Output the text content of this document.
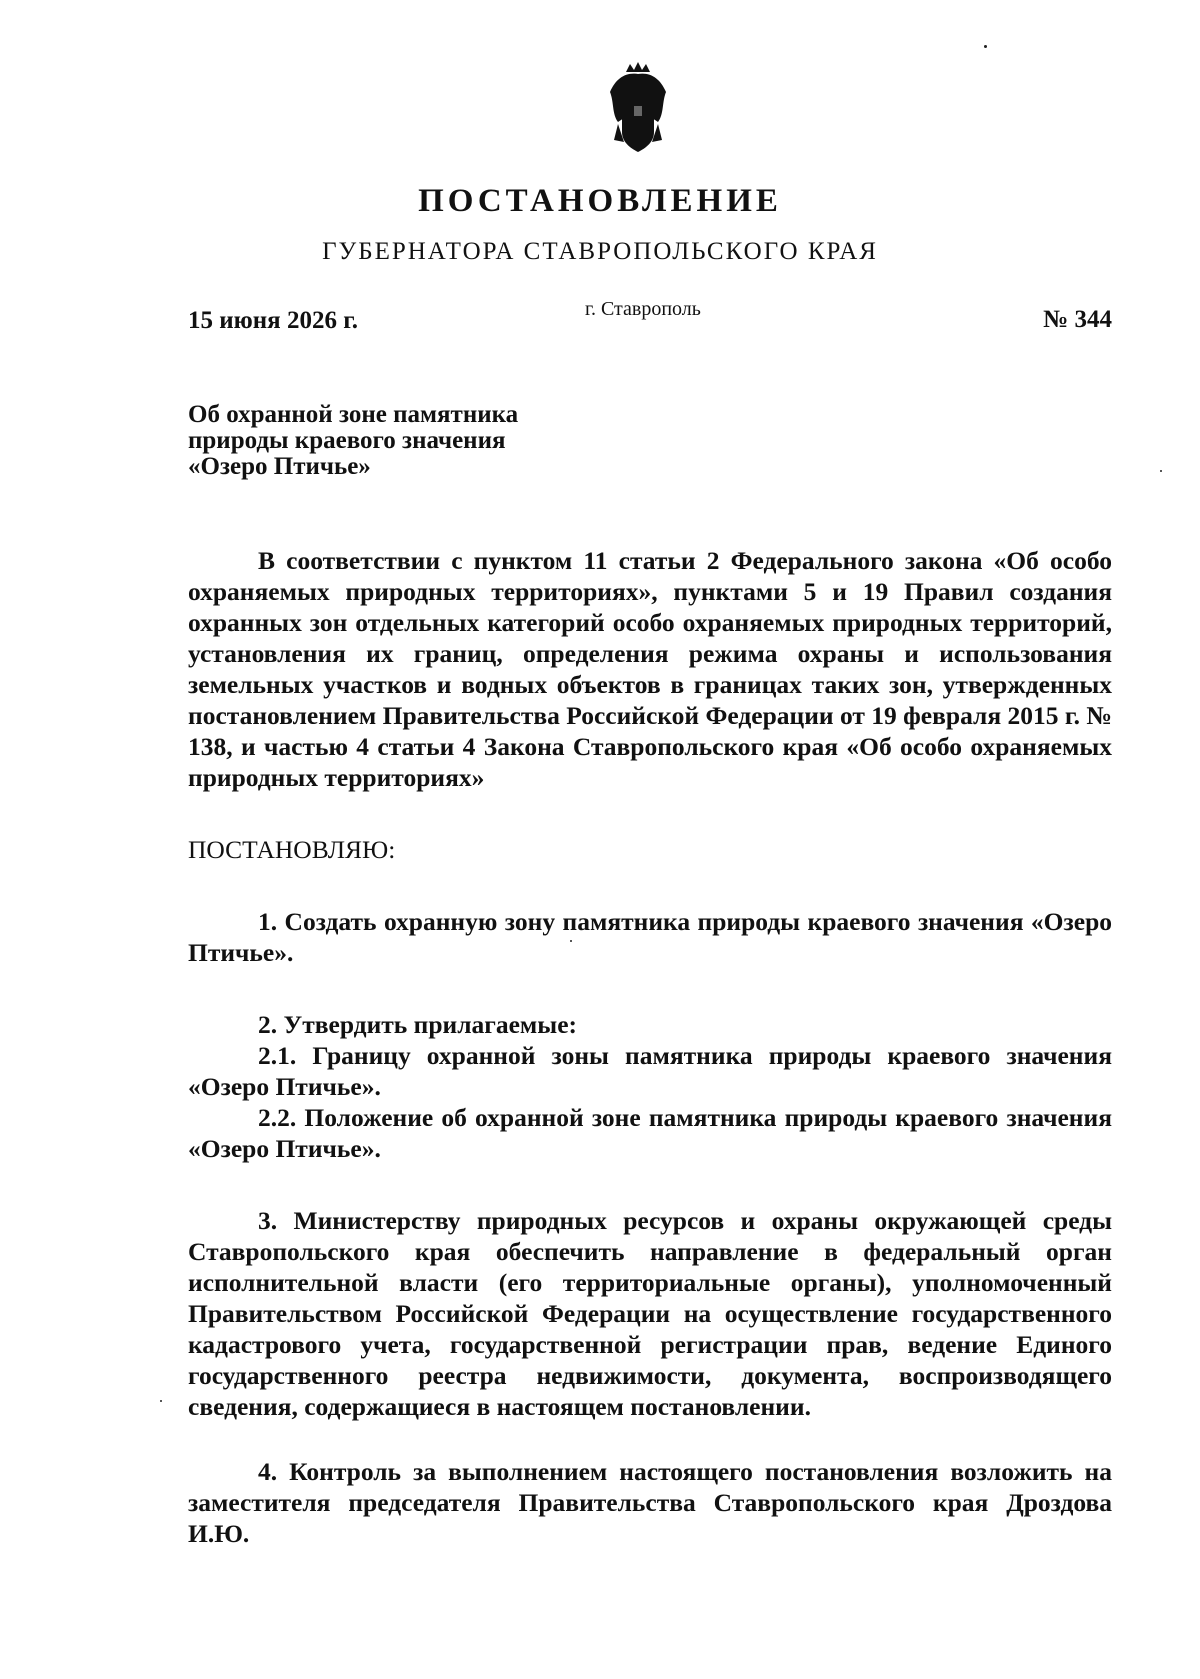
ПОСТАНОВЛЕНИЕ
ГУБЕРНАТОРА СТАВРОПОЛЬСКОГО КРАЯ
15 июня 2026 г.	г. Ставрополь	№ 344
Об охранной зоне памятника
природы краевого значения
«Озеро Птичье»

В соответствии с пунктом 11 статьи 2 Федерального закона «Об особо охраняемых природных территориях», пунктами 5 и 19 Правил создания охранных зон отдельных категорий особо охраняемых природных территорий, установления их границ, определения режима охраны и использования земельных участков и водных объектов в границах таких зон, утвержденных постановлением Правительства Российской Федерации от 19 февраля 2015 г. № 138, и частью 4 статьи 4 Закона Ставропольского края «Об особо охраняемых природных территориях»

ПОСТАНОВЛЯЮ:

1. Создать охранную зону памятника природы краевого значения «Озеро Птичье».

2. Утвердить прилагаемые:

2.1. Границу охранной зоны памятника природы краевого значения «Озеро Птичье».

2.2. Положение об охранной зоне памятника природы краевого значения «Озеро Птичье».

3. Министерству природных ресурсов и охраны окружающей среды Ставропольского края обеспечить направление в федеральный орган исполнительной власти (его территориальные органы), уполномоченный Правительством Российской Федерации на осуществление государственного кадастрового учета, государственной регистрации прав, ведение Единого государственного реестра недвижимости, документа, воспроизводящего сведения, содержащиеся в настоящем постановлении.

4. Контроль за выполнением настоящего постановления возложить на заместителя председателя Правительства Ставропольского края Дроздова И.Ю.
